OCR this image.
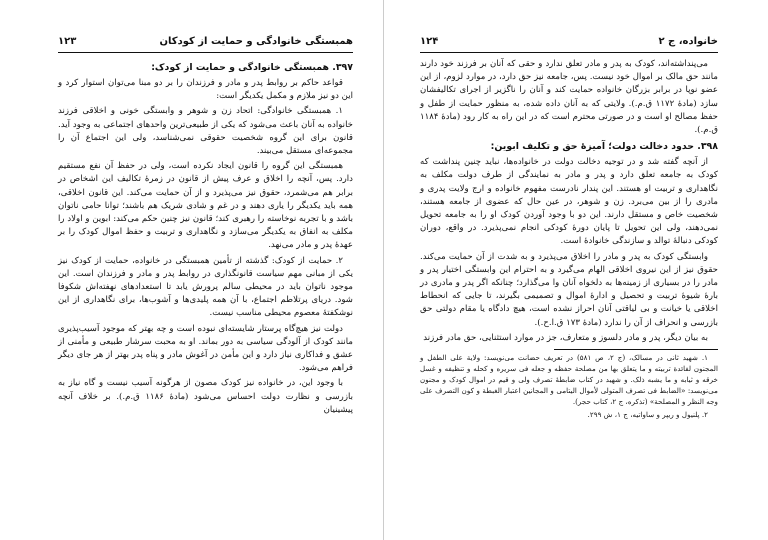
۱۲۳	همبستگی خانوادگی و حمایت از کودکان
۳۹۷. همبستگی خانوادگی و حمایت از کودک:

قواعد حاکم بر روابط پدر و مادر و فرزندان را بر دو مبنا می‌توان استوار کرد و این دو نیز ملازم و مکمل یکدیگر است:

۱. همبستگی خانوادگی: اتحاد زن و شوهر و وابستگی خونی و اخلاقی فرزند خانواده به آنان باعث می‌شود که یکی از طبیعی‌ترین واحدهای اجتماعی به وجود آید. قانون برای این گروه شخصیت حقوقی نمی‌شناسد، ولی این اجتماع آن را مجموعه‌ای مستقل می‌بیند.

همبستگی این گروه را قانون ایجاد نکرده است، ولی در حفظ آن نفع مستقیم دارد. پس، آنچه را اخلاق و عرف پیش از قانون در زمرهٔ تکالیف این اشخاص در برابر هم می‌شمرد، حقوق نیز می‌پذیرد و از آن حمایت می‌کند. این قانون اخلاقی، همه باید یکدیگر را یاری دهند و در غم و شادی شریک هم باشند؛ توانا حامی ناتوان باشد و با تجربه نوخاسته را رهبری کند؛ قانون نیز چنین حکم می‌کند: ابوین و اولاد را مکلف به انفاق به یکدیگر می‌سازد و نگاهداری و تربیت و حفظ اموال کودک را بر عهدهٔ پدر و مادر می‌نهد.

۲. حمایت از کودک: گذشته از تأمین همبستگی در خانواده، حمایت از کودک نیز یکی از مبانی مهم سیاست قانونگذاری در روابط پدر و مادر و فرزندان است. این موجود ناتوان باید در محیطی سالم پرورش یابد تا استعدادهای نهفته‌اش شکوفا شود. دریای پرتلاطم اجتماع، با آن همه پلیدی‌ها و آشوب‌ها، برای نگاهداری از این نوشکفتهٔ معصوم محیطی مناسب نیست.

دولت نیز هیچ‌گاه پرستار شایسته‌ای نبوده است و چه بهتر که موجود آسیب‌پذیری مانند کودک از آلودگی سیاسی به دور بماند. او به محبت سرشار طبیعی و مأمنی از عشق و فداکاری نیاز دارد و این مأمن در آغوش مادر و پناه پدر بهتر از هر جای دیگر فراهم می‌شود.

با وجود این، در خانواده نیز کودک مصون از هرگونه آسیب نیست و گاه نیاز به بازرسی و نظارت دولت احساس می‌شود (مادهٔ ۱۱۸۶ ق.م.). بر خلاف آنچه پیشینیان

۱۲۴	خانواده، ج ۲

می‌پنداشته‌اند، کودک به پدر و مادر تعلق ندارد و حقی که آنان بر فرزند خود دارند مانند حق مالک بر اموال خود نیست. پس، جامعه نیز حق دارد، در موارد لزوم، از این عضو نوپا در برابر بزرگان خانواده حمایت کند و آنان را ناگزیر از اجرای تکالیفشان سازد (مادهٔ ۱۱۷۲ ق.م.). ولایتی که به آنان داده شده، به منظور حمایت از طفل و حفظ مصالح او است و در صورتی محترم است که در این راه به کار رود (مادهٔ ۱۱۸۴ ق.م.).

۳۹۸. حدود دخالت دولت؛ آمیزهٔ حق و تکلیف ابوین:

از آنچه گفته شد و در توجیه دخالت دولت در خانواده‌ها، نباید چنین پنداشت که کودک به جامعه تعلق دارد و پدر و مادر به نمایندگی از طرف دولت مکلف به نگاهداری و تربیت او هستند. این پندار نادرست مفهوم خانواده و ارج ولایت پدری و مادری را از بین می‌برد. زن و شوهر، در عین حال که عضوی از جامعه هستند، شخصیت خاص و مستقل دارند. این دو با وجود آوردن کودک او را به جامعه تحویل نمی‌دهند، ولی این تحویل تا پایان دورهٔ کودکی انجام نمی‌پذیرد. در واقع، دوران کودکی دنبالهٔ توالد و سازندگی خانوادهٔ است.

وابستگی کودک به پدر و مادر را اخلاق می‌پذیرد و به شدت از آن حمایت می‌کند. حقوق نیز از این نیروی اخلاقی الهام می‌گیرد و به احترام این وابستگی اختیار پدر و مادر را در بسیاری از زمینه‌ها به دلخواه آنان وا می‌گذارد؛ چنانکه اگر پدر و مادری در بارهٔ شیوهٔ تربیت و تحصیل و ادارهٔ اموال و تصمیمی بگیرند، تا جایی که انحطاط اخلاقی یا خیانت و بی لیاقتی آنان احراز نشده است، هیچ دادگاه یا مقام دولتی حق بازرسی و انحراف از آن را ندارد (مادهٔ ۱۷۳ ق.ا.ح.).

به بیان دیگر، پدر و مادر دلسوز و متعارف، جز در موارد استثنایی، حق مادر فرزند

۱. شهید ثانی در مسالک، (ج ۲، ص ۵۸۱) در تعریف حضانت می‌نویسد: ولایة علی الطفل و المجنون لفائدة تربیته و ما یتعلق بها من مصلحة حفظه و جعله فی سریره و کحله و تنظیفه و غسل خرقه و ثیابه و ما یشبه ذلک. و شهید در کتاب ضابطهٔ تصرف ولی و قیم در اموال کودک و مجنون می‌نویسد: «الضابط فی تصرف المتولی لأموال الیتامی و المجانین اعتبار الغبطة و کون التصرف علی وجه النظر و المصلحة» (تذکره، ج ۲، کتاب حجر).

۲. پلنیول و ریپر و ساواتیه، ج ۱، ش ۲۹۹.
